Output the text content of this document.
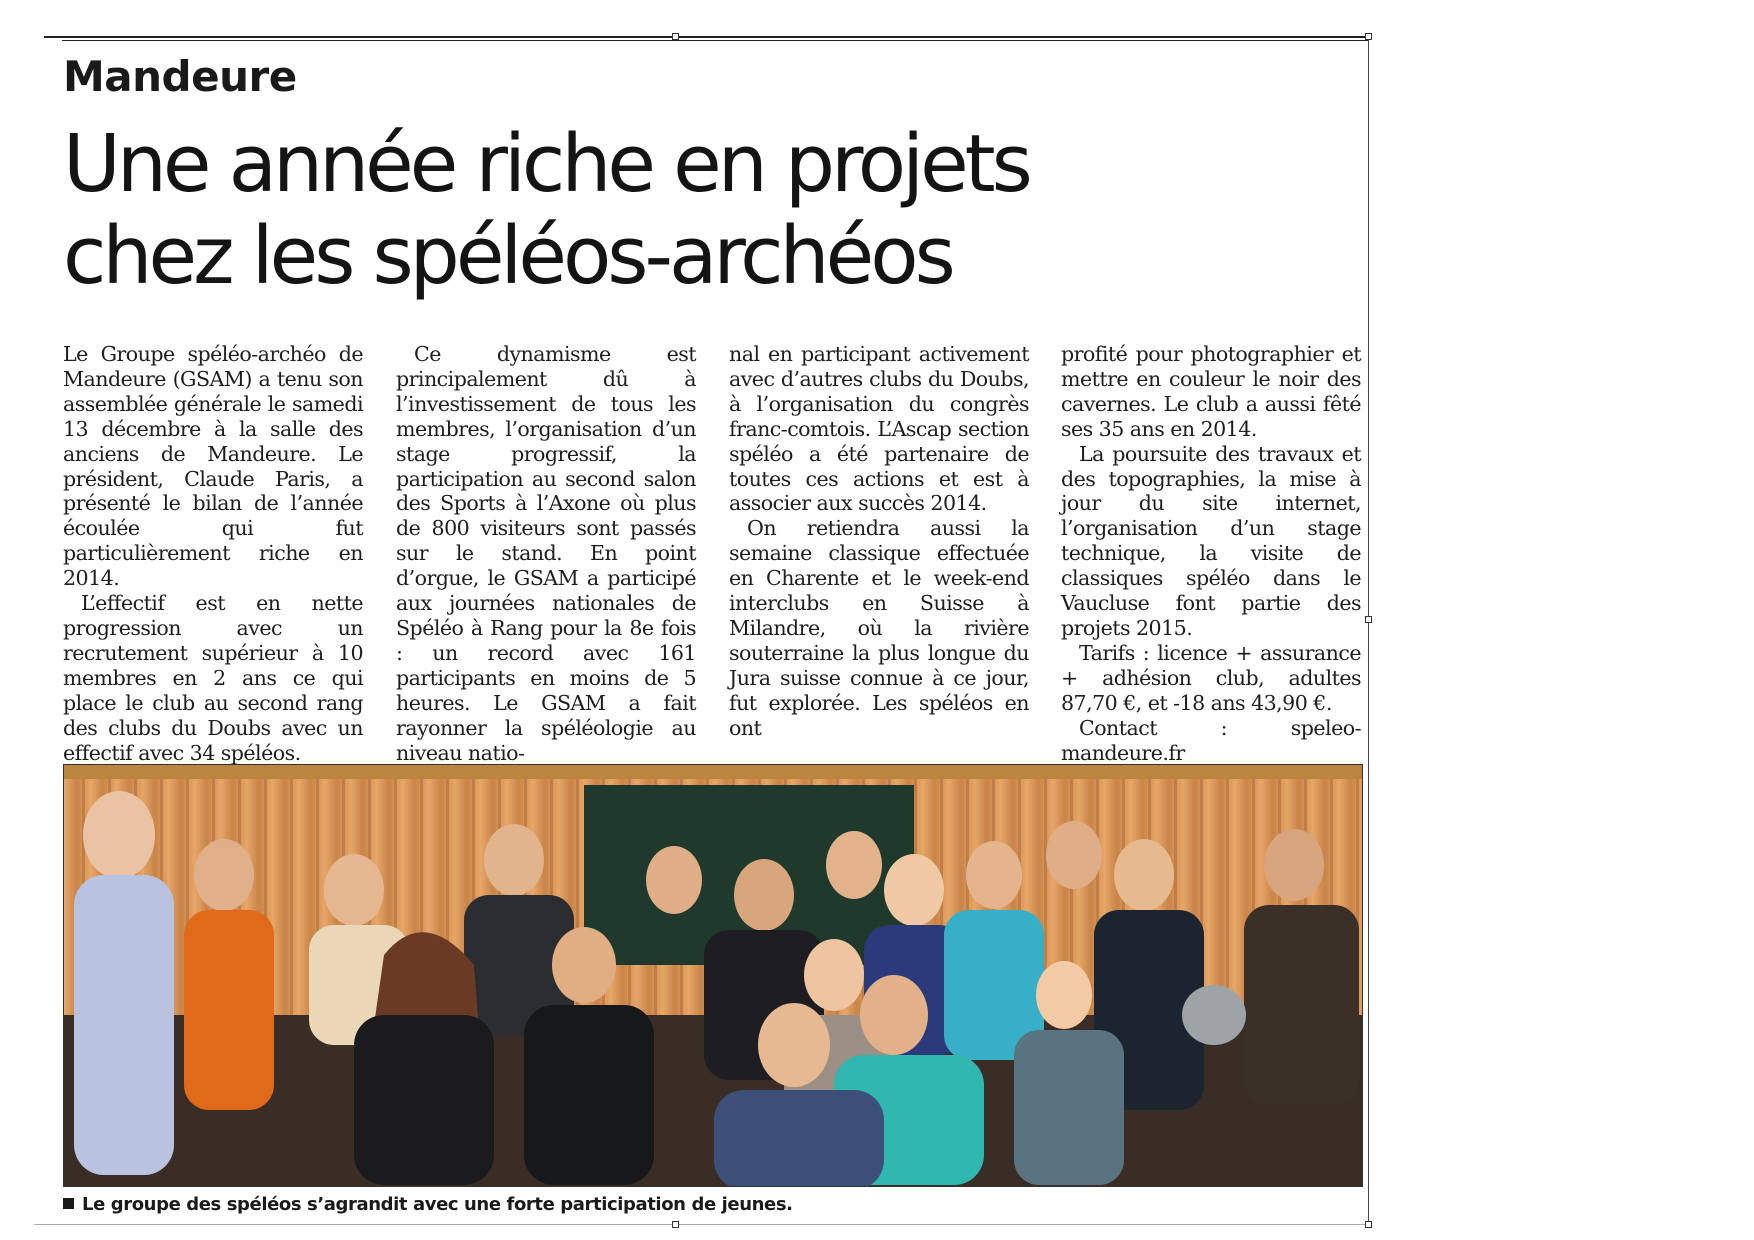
Mandeure
Une année riche en projets
chez les spéléos-archéos

Le Groupe spéléo-archéo de Mandeure (GSAM) a tenu son assemblée générale le samedi 13 décembre à la salle des anciens de Mandeure. Le président, Claude Paris, a présenté le bilan de l’année écoulée qui fut particulièrement riche en 2014.

L’effectif est en nette progression avec un recrutement supérieur à 10 membres en 2 ans ce qui place le club au second rang des clubs du Doubs avec un effectif avec 34 spéléos.

Ce dynamisme est principalement dû à l’investissement de tous les membres, l’organisation d’un stage progressif, la participation au second salon des Sports à l’Axone où plus de 800 visiteurs sont passés sur le stand. En point d’orgue, le GSAM a participé aux journées nationales de Spéléo à Rang pour la 8e fois : un record avec 161 participants en moins de 5 heures. Le GSAM a fait rayonner la spéléologie au niveau natio-

nal en participant activement avec d’autres clubs du Doubs, à l’organisation du congrès franc-comtois. L’Ascap section spéléo a été partenaire de toutes ces actions et est à associer aux succès 2014.

On retiendra aussi la semaine classique effectuée en Charente et le week-end interclubs en Suisse à Milandre, où la rivière souterraine la plus longue du Jura suisse connue à ce jour, fut explorée. Les spéléos en ont

profité pour photographier et mettre en couleur le noir des cavernes. Le club a aussi fêté ses 35 ans en 2014.

La poursuite des travaux et des topographies, la mise à jour du site internet, l’organisation d’un stage technique, la visite de classiques spéléo dans le Vaucluse font partie des projets 2015.

Tarifs : licence + assurance + adhésion club, adultes 87,70 €, et -18 ans 43,90 €.

Contact : speleo-mandeure.fr

Le groupe des spéléos s’agrandit avec une forte participation de jeunes.
